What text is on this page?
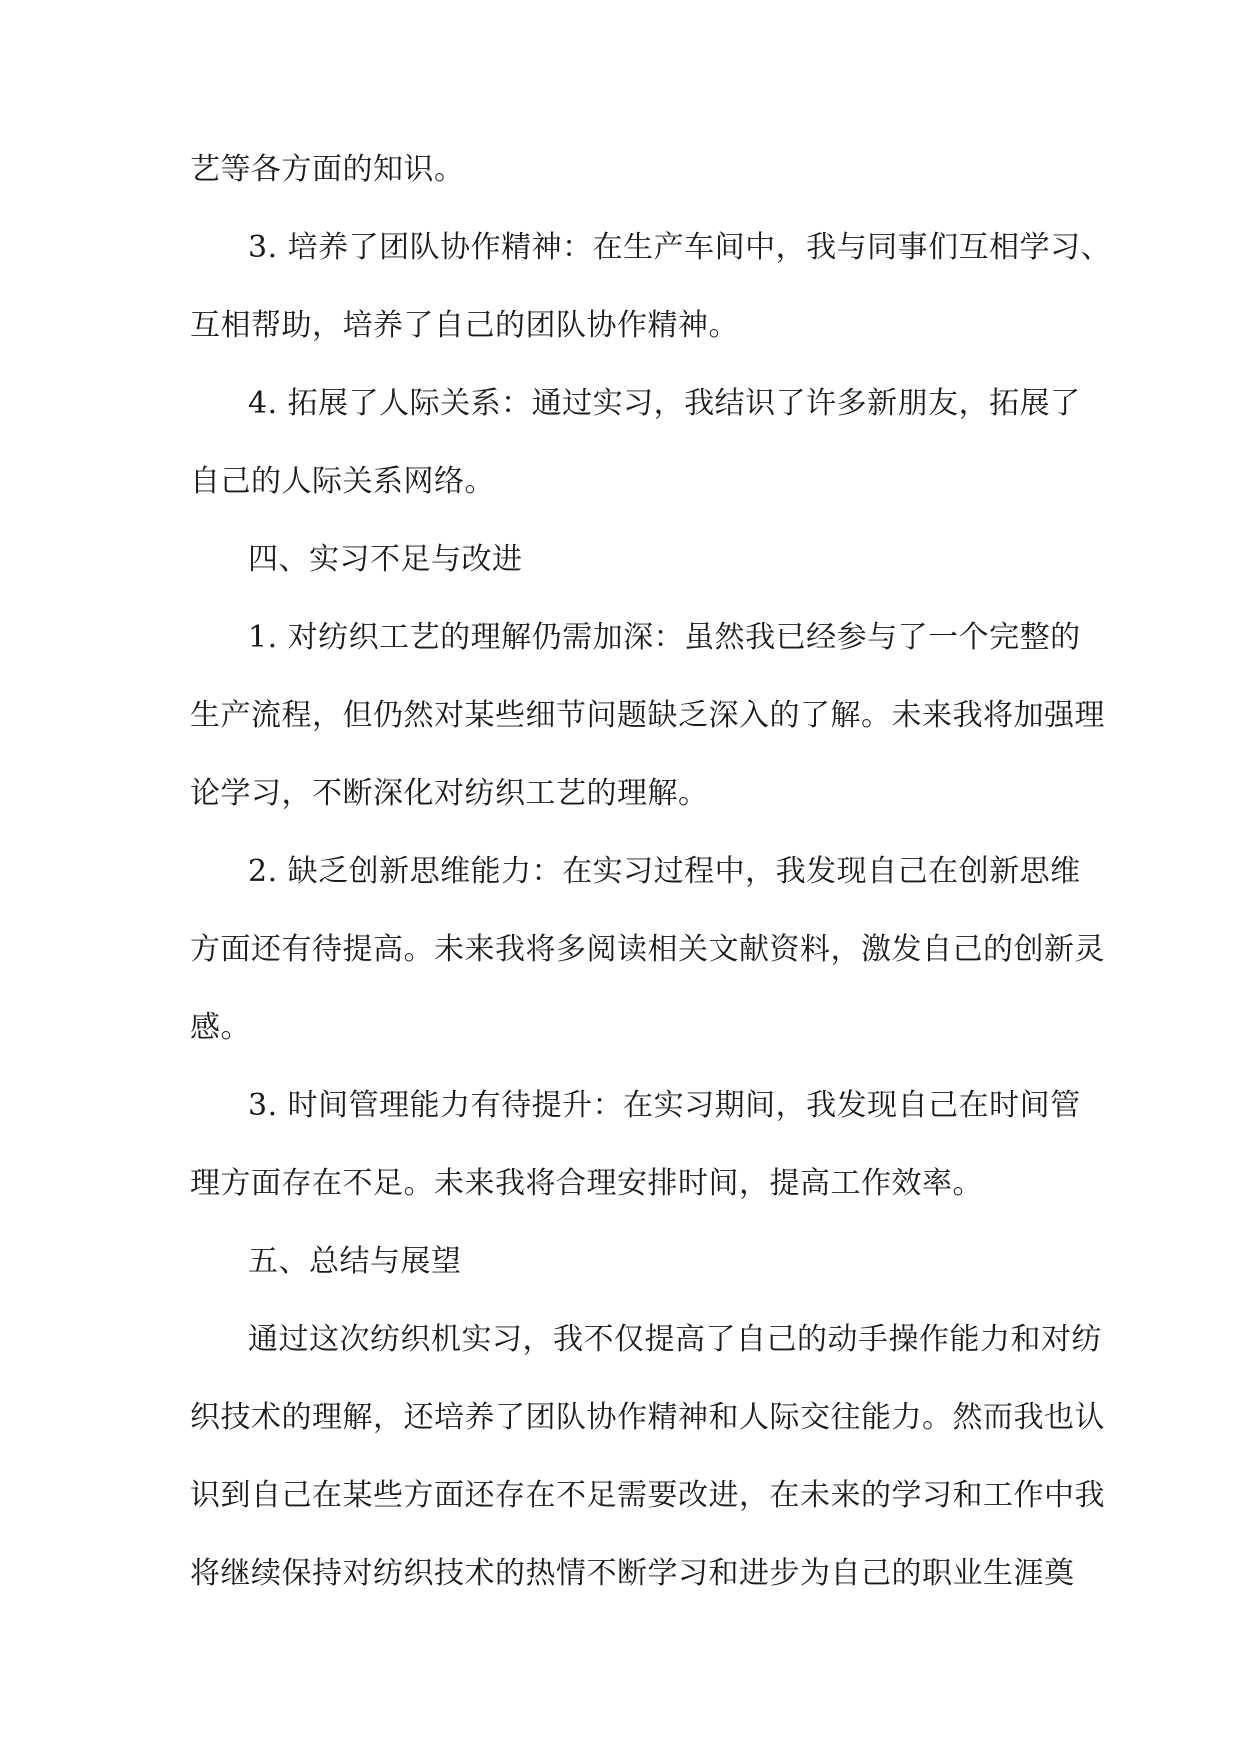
艺等各方面的知识。
3. 培养了团队协作精神：在生产车间中，我与同事们互相学习、
互相帮助，培养了自己的团队协作精神。
4. 拓展了人际关系：通过实习，我结识了许多新朋友，拓展了
自己的人际关系网络。
四、实习不足与改进
1. 对纺织工艺的理解仍需加深：虽然我已经参与了一个完整的
生产流程，但仍然对某些细节问题缺乏深入的了解。未来我将加强理
论学习，不断深化对纺织工艺的理解。
2. 缺乏创新思维能力：在实习过程中，我发现自己在创新思维
方面还有待提高。未来我将多阅读相关文献资料，激发自己的创新灵
感。
3. 时间管理能力有待提升：在实习期间，我发现自己在时间管
理方面存在不足。未来我将合理安排时间，提高工作效率。
五、总结与展望
通过这次纺织机实习，我不仅提高了自己的动手操作能力和对纺
织技术的理解，还培养了团队协作精神和人际交往能力。然而我也认
识到自己在某些方面还存在不足需要改进，在未来的学习和工作中我
将继续保持对纺织技术的热情不断学习和进步为自己的职业生涯奠
